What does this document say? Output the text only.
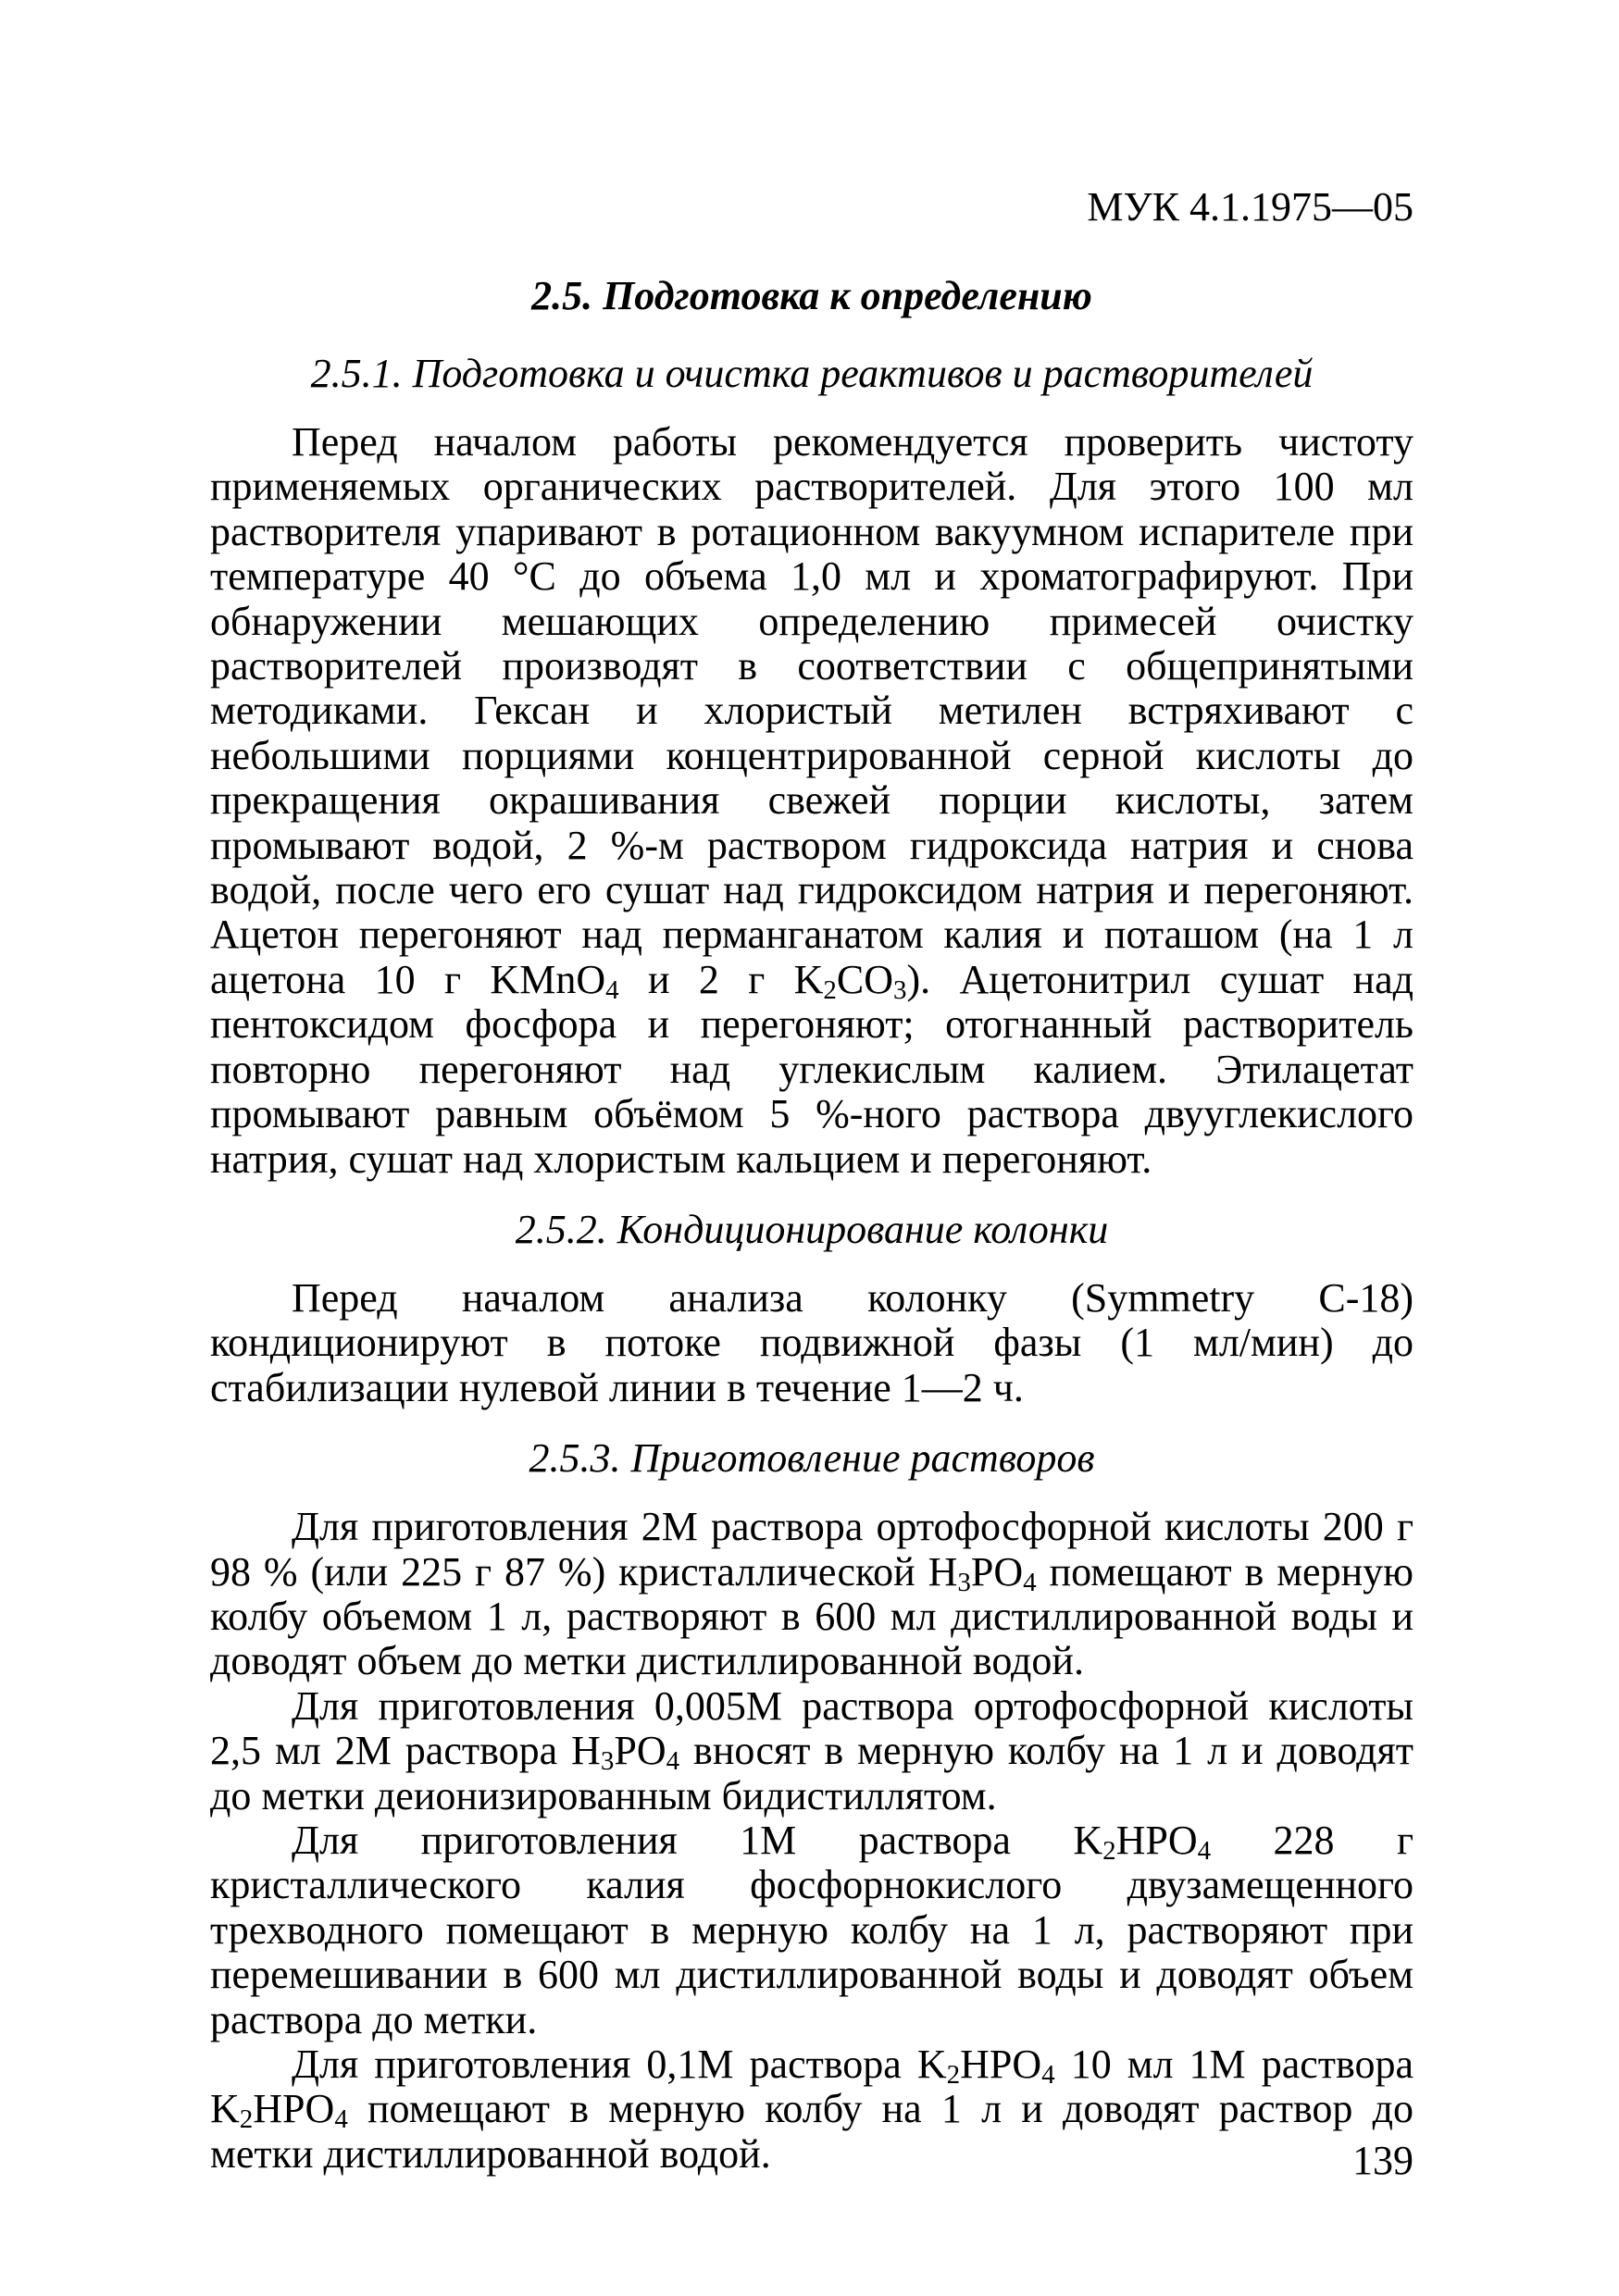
МУК 4.1.1975—05
2.5. Подготовка к определению
2.5.1. Подготовка и очистка реактивов и растворителей

Перед началом работы рекомендуется проверить чистоту применяемых органических растворителей. Для этого 100 мл растворителя упаривают в ротационном вакуумном испарителе при температуре 40 °С до объема 1,0 мл и хроматографируют. При обнаружении мешающих определению примесей очистку растворителей производят в соответствии с общепринятыми методиками. Гексан и хлористый метилен встряхивают с небольшими порциями концентрированной серной кислоты до прекращения окрашивания свежей порции кислоты, затем промывают водой, 2 %-м раствором гидроксида натрия и снова водой, после чего его сушат над гидроксидом натрия и перегоняют. Ацетон перегоняют над перманганатом калия и поташом (на 1 л ацетона 10 г KMnO$_4$ и 2 г $K_2CO_3$). Ацетонитрил сушат над пентоксидом фосфора и перегоняют; отогнанный растворитель повторно перегоняют над углекислым калием. Этилацетат промывают равным объёмом 5 %-ного раствора двууглекислого натрия, сушат над хлористым кальцием и перегоняют.

2.5.2. Кондиционирование колонки

Перед началом анализа колонку (Symmetry C-18) кондиционируют в потоке подвижной фазы (1 мл/мин) до стабилизации нулевой линии в течение 1—2 ч.

2.5.3. Приготовление растворов

Для приготовления 2М раствора ортофосфорной кислоты 200 г 98 % (или 225 г 87 %) кристаллической $H_3PO_4$ помещают в мерную колбу объемом 1 л, растворяют в 600 мл дистиллированной воды и доводят объем до метки дистиллированной водой.

Для приготовления 0,005М раствора ортофосфорной кислоты 2,5 мл 2М раствора $H_3PO_4$ вносят в мерную колбу на 1 л и доводят до метки деионизированным бидистиллятом.

Для приготовления 1М раствора $K_2HPO_4$ 228 г кристаллического калия фосфорнокислого двузамещенного трехводного помещают в мерную колбу на 1 л, растворяют при перемешивании в 600 мл дистиллированной воды и доводят объем раствора до метки.

Для приготовления 0,1М раствора $K_2HPO_4$ 10 мл 1М раствора $K_2HPO_4$ помещают в мерную колбу на 1 л и доводят раствор до метки дистиллированной водой.	139
